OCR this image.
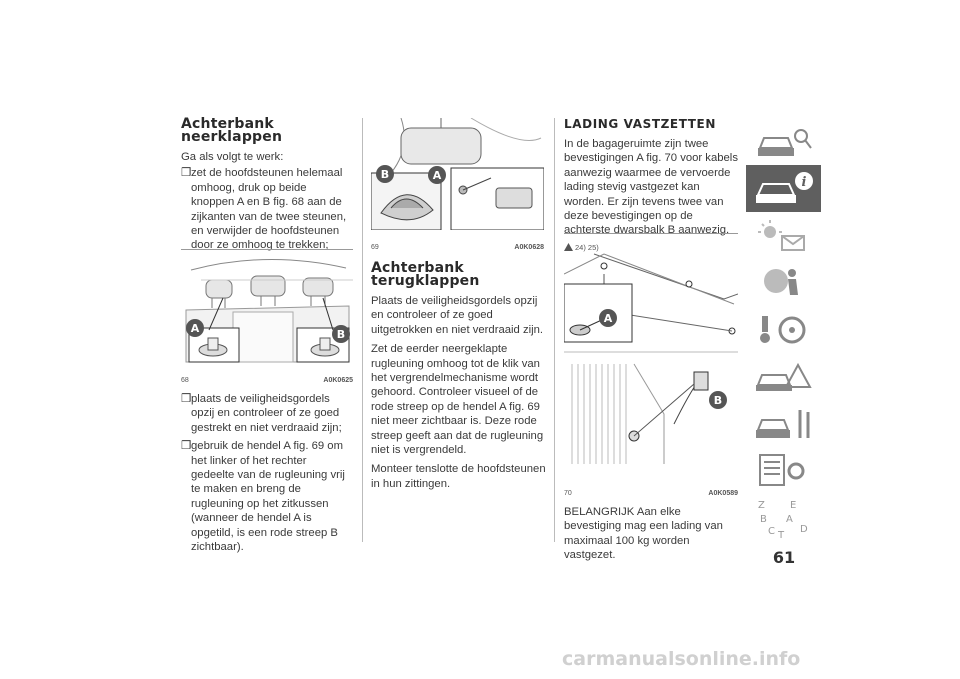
Achterbank
neerklappen

Ga als volgt te werk:

❒ zet de hoofdsteunen helemaal omhoog, druk op beide knoppen A en B fig. 68 aan de zijkanten van de twee steunen, en verwijder de hoofdsteunen door ze omhoog te trekken;
A	B
68	A0K0625
❒ plaats de veiligheidsgordels opzij en controleer of ze goed gestrekt en niet verdraaid zijn;
❒ gebruik de hendel A fig. 69 om het linker of het rechter gedeelte van de rugleuning vrij te maken en breng de rugleuning op het zitkussen (wanneer de hendel A is opgetild, is een rode streep B zichtbaar).
B	A
69	A0K0628
Achterbank
terugklappen

Plaats de veiligheidsgordels opzij en controleer of ze goed uitgetrokken en niet verdraaid zijn.

Zet de eerder neergeklapte rugleuning omhoog tot de klik van het vergrendelmechanisme wordt gehoord. Controleer visueel of de rode streep op de hendel A fig. 69 niet meer zichtbaar is. Deze rode streep geeft aan dat de rugleuning niet is vergrendeld.

Monteer tenslotte de hoofdsteunen in hun zittingen.

LADING VASTZETTEN

In de bagageruimte zijn twee bevestigingen A fig. 70 voor kabels aanwezig waarmee de vervoerde lading stevig vastgezet kan worden. Er zijn tevens twee van deze bevestigingen op de achterste dwarsbalk B aanwezig.

24) 25)
A
B
70	A0K0589

BELANGRIJK Aan elke bevestiging mag een lading van maximaal 100 kg worden vastgezet.

i
Z	E
B A
C	D
T
61
carmanualsonline.info
